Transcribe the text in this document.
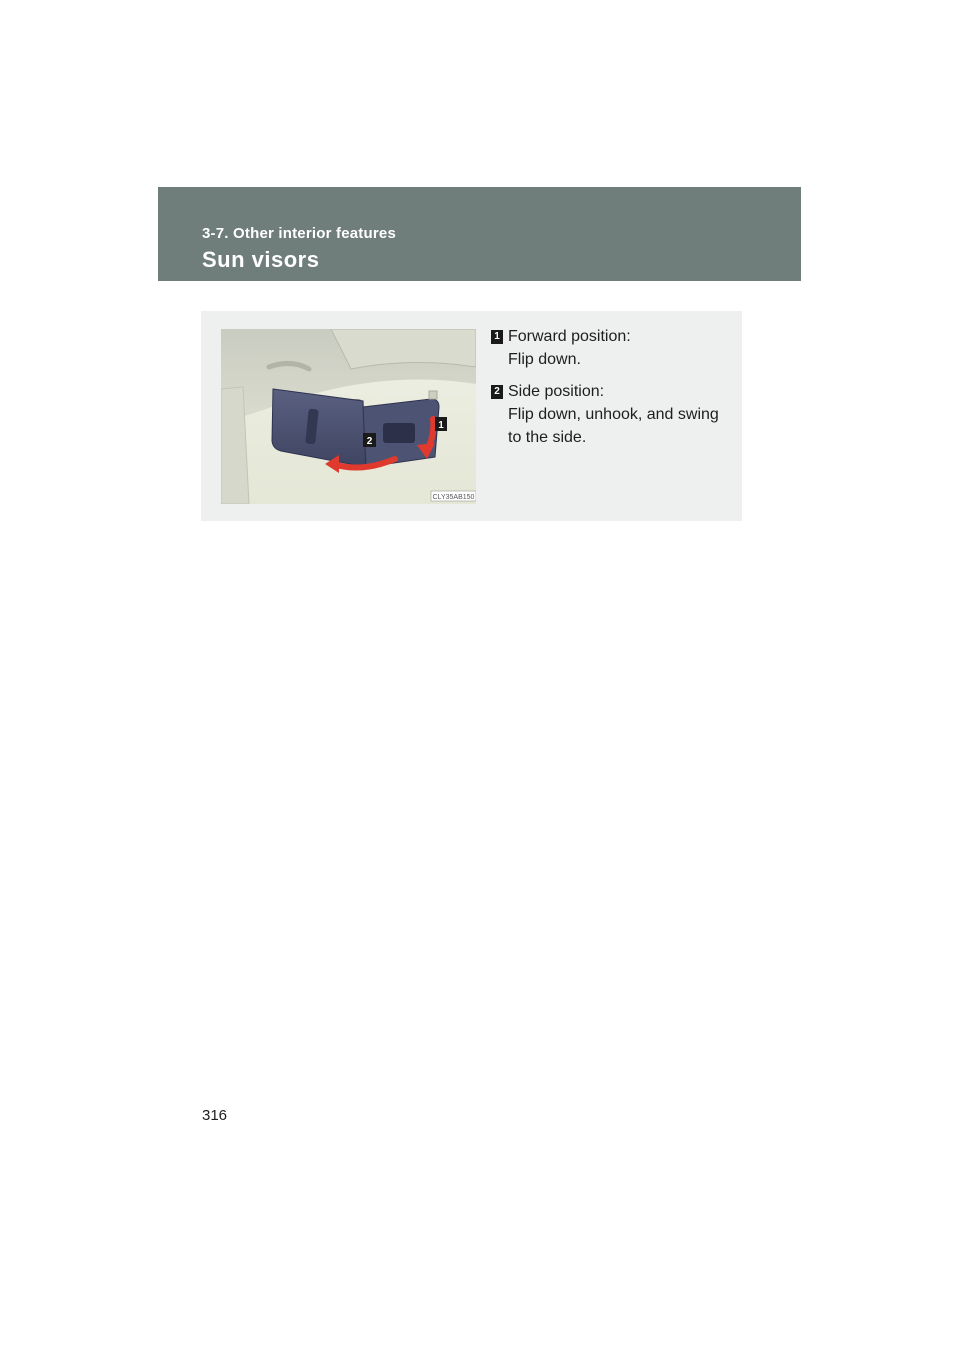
3-7. Other interior features
Sun visors
1
2
CLY35AB150
1 Forward position:
Flip down.
2 Side position:
Flip down, unhook, and swing
to the side.
316
